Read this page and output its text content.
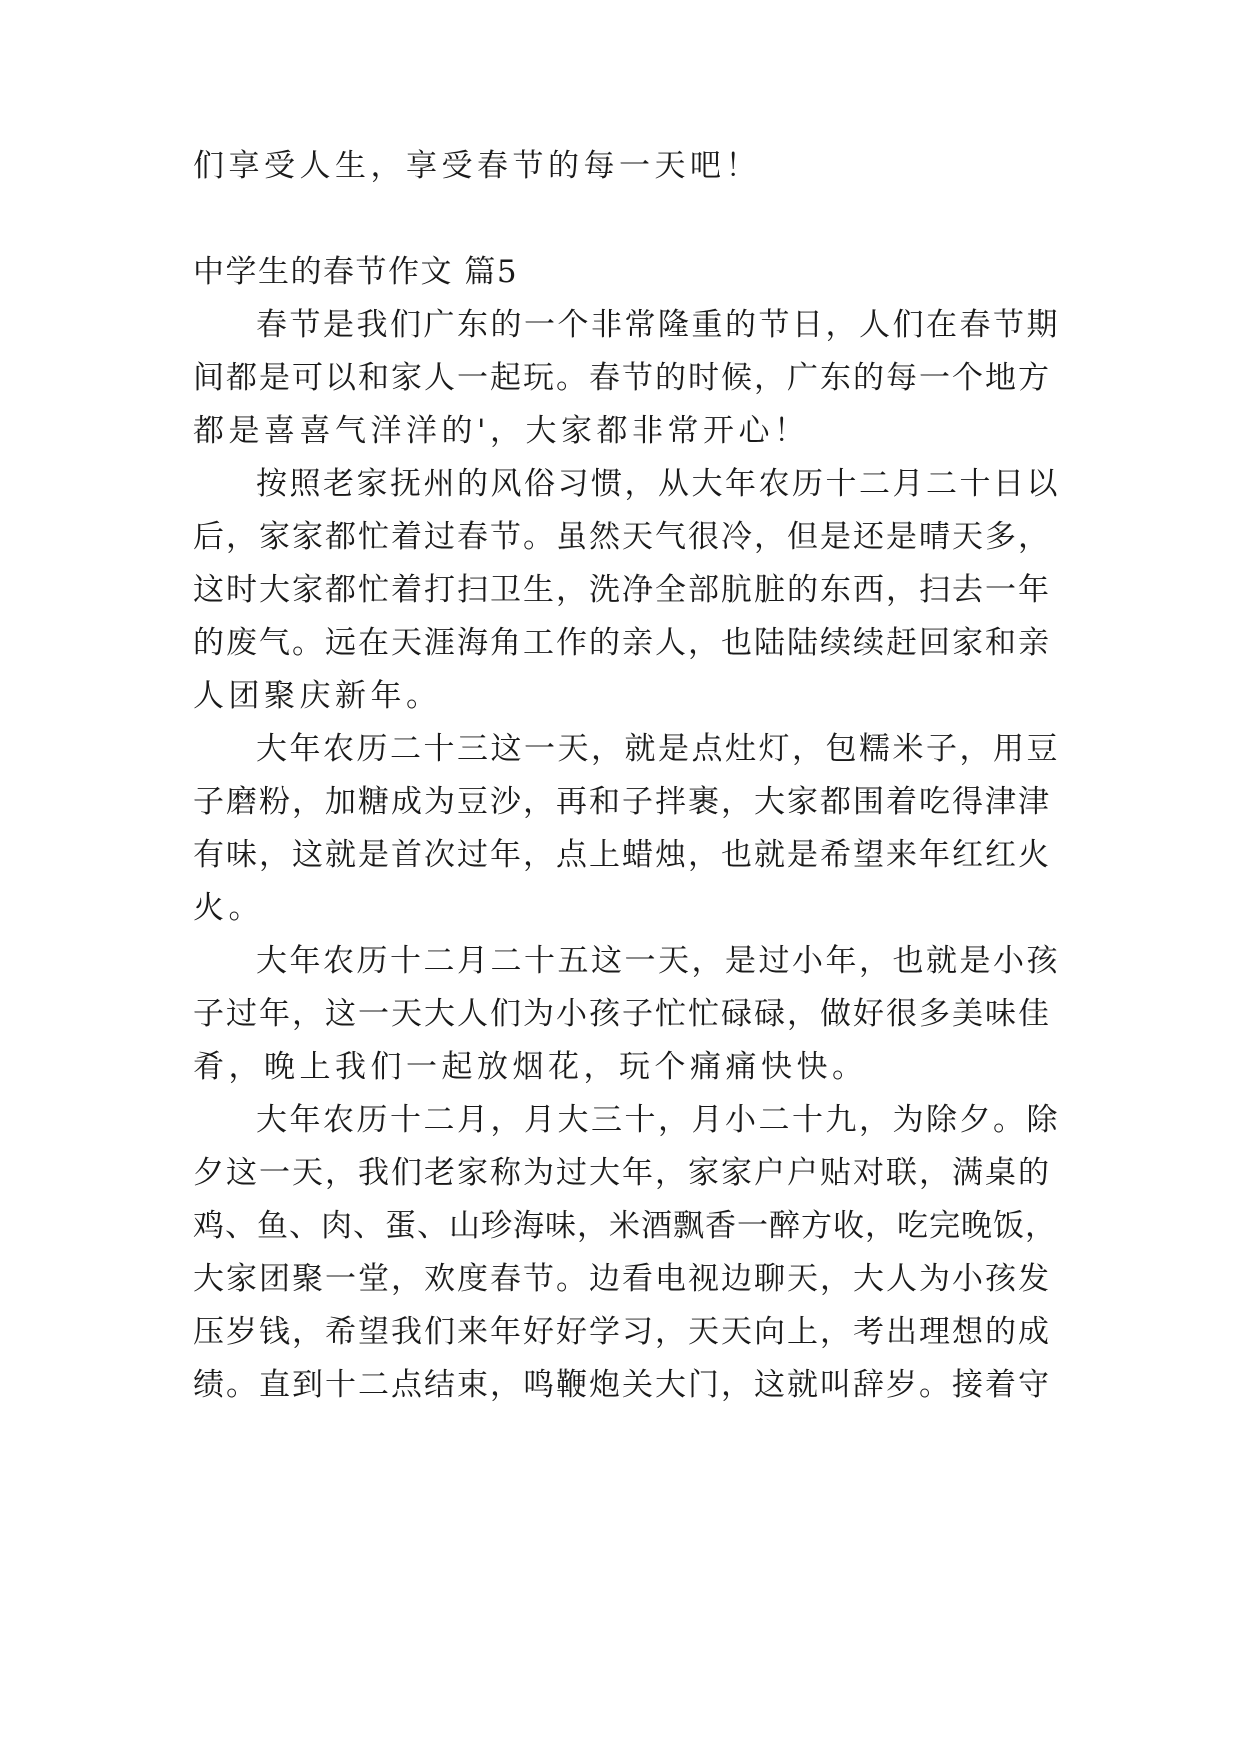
们享受人生，享受春节的每一天吧！
中学生的春节作文 篇5
春节是我们广东的一个非常隆重的节日，人们在春节期
间都是可以和家人一起玩。春节的时候，广东的每一个地方
都是喜喜气洋洋的'，大家都非常开心！
按照老家抚州的风俗习惯，从大年农历十二月二十日以
后，家家都忙着过春节。虽然天气很冷，但是还是晴天多，
这时大家都忙着打扫卫生，洗净全部肮脏的东西，扫去一年
的废气。远在天涯海角工作的亲人，也陆陆续续赶回家和亲
人团聚庆新年。
大年农历二十三这一天，就是点灶灯，包糯米子，用豆
子磨粉，加糖成为豆沙，再和子拌裹，大家都围着吃得津津
有味，这就是首次过年，点上蜡烛，也就是希望来年红红火
火。
大年农历十二月二十五这一天，是过小年，也就是小孩
子过年，这一天大人们为小孩子忙忙碌碌，做好很多美味佳
肴，晚上我们一起放烟花，玩个痛痛快快。
大年农历十二月，月大三十，月小二十九，为除夕。除
夕这一天，我们老家称为过大年，家家户户贴对联，满桌的
鸡、鱼、肉、蛋、山珍海味，米酒飘香一醉方收，吃完晚饭，
大家团聚一堂，欢度春节。边看电视边聊天，大人为小孩发
压岁钱，希望我们来年好好学习，天天向上，考出理想的成
绩。直到十二点结束，鸣鞭炮关大门，这就叫辞岁。接着守
